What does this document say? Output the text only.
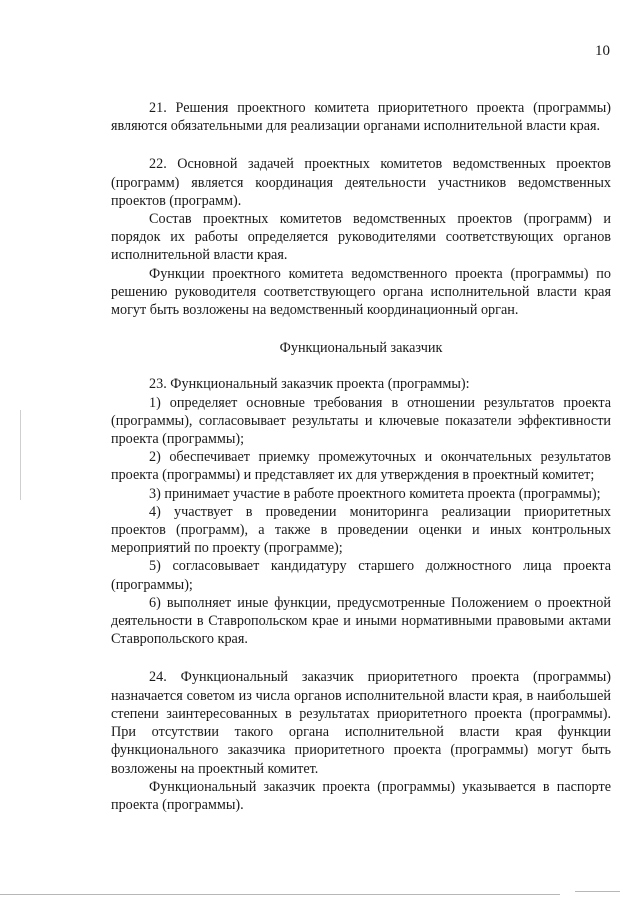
10

21. Решения проектного комитета приоритетного проекта (программы) являются обязательными для реализации органами исполнительной власти края.

22. Основной задачей проектных комитетов ведомственных проектов (программ) является координация деятельности участников ведомственных проектов (программ).

Состав проектных комитетов ведомственных проектов (программ) и порядок их работы определяется руководителями соответствующих органов исполнительной власти края.

Функции проектного комитета ведомственного проекта (программы) по решению руководителя соответствующего органа исполнительной власти края могут быть возложены на ведомственный координационный орган.

Функциональный заказчик

23. Функциональный заказчик проекта (программы):

1) определяет основные требования в отношении результатов проекта (программы), согласовывает результаты и ключевые показатели эффективности проекта (программы);

2) обеспечивает приемку промежуточных и окончательных результатов проекта (программы) и представляет их для утверждения в проектный комитет;

3) принимает участие в работе проектного комитета проекта (программы);

4) участвует в проведении мониторинга реализации приоритетных проектов (программ), а также в проведении оценки и иных контрольных мероприятий по проекту (программе);

5) согласовывает кандидатуру старшего должностного лица проекта (программы);

6) выполняет иные функции, предусмотренные Положением о проектной деятельности в Ставропольском крае и иными нормативными правовыми актами Ставропольского края.

24. Функциональный заказчик приоритетного проекта (программы) назначается советом из числа органов исполнительной власти края, в наибольшей степени заинтересованных в результатах приоритетного проекта (программы). При отсутствии такого органа исполнительной власти края функции функционального заказчика приоритетного проекта (программы) могут быть возложены на проектный комитет.

Функциональный заказчик проекта (программы) указывается в паспорте проекта (программы).
